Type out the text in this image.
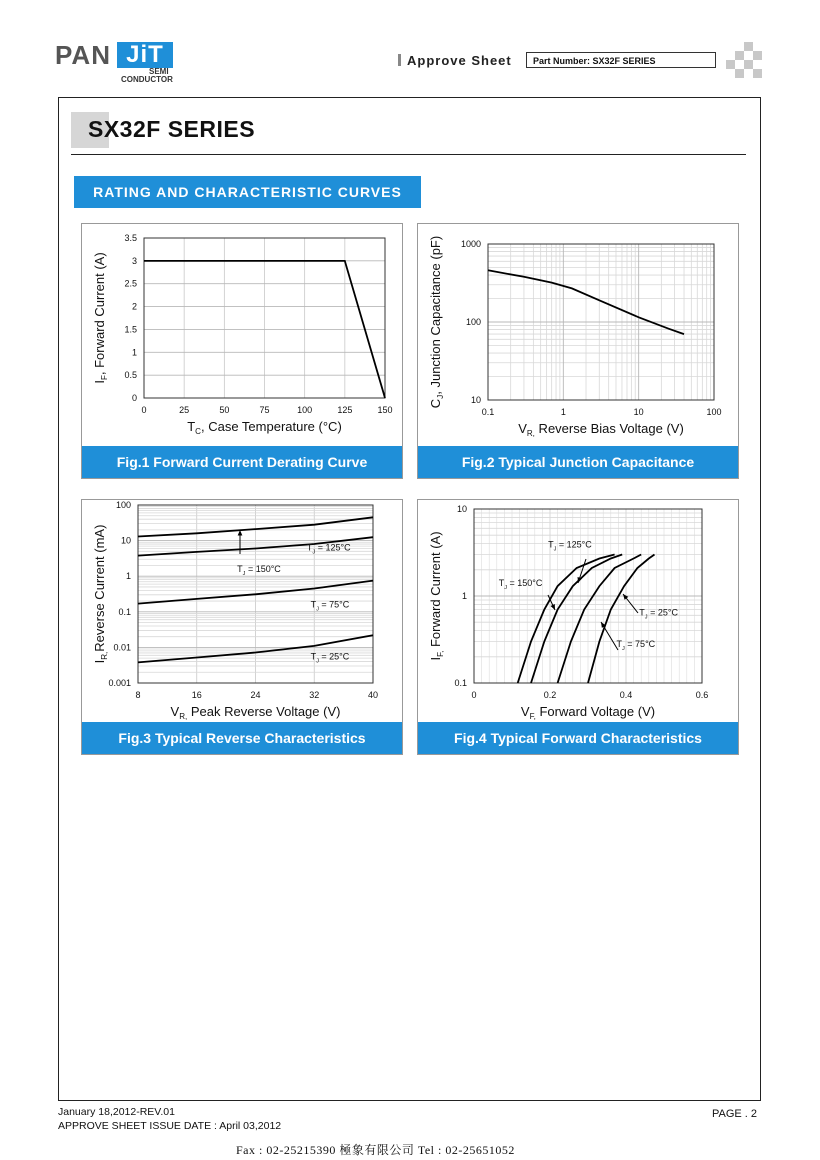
PAN JiT
SEMI
CONDUCTOR
Approve Sheet	Part Number: SX32F SERIES
SX32F SERIES
RATING AND CHARACTERISTIC CURVES
0	25	50	75	100	125	150
0
0.5
1
1.5
2
2.5
3
3.5
$T_C$, Case Temperature (°C)
$I_F$, Forward Current (A)
Fig.1 Forward Current Derating Curve
0.1	1	10	100
10
100
1000
$V_{R,}$ Reverse Bias Voltage (V)
$C_J$, Junction Capacitance (pF)
Fig.2 Typical Junction Capacitance
8	16	24	32	40
0.001
0.01
0.1
1
10
100
$V_{R,}$ Peak Reverse Voltage (V)
$I_{R,}Reverse$ Current (mA)	$T_J = 150^\circ C$
$T_J = 125^\circ C$
$T_J = 75^\circ C$
$T_J = 25^\circ C$
Fig.3 Typical Reverse Characteristics
0	0.2	0.4	0.6
0.1
1
10
$V_{F,}$ Forward Voltage (V)
$I_{F,}$ Forward Current (A)	$T_J = 125^\circ C$
$T_J = 150^\circ C$
$T_J = 25^\circ C$
$T_J = 75^\circ C$
Fig.4 Typical Forward Characteristics
January 18,2012-REV.01
APPROVE SHEET ISSUE DATE : April 03,2012
PAGE . 2
Fax : 02-25215390 極象有限公司 Tel : 02-25651052
